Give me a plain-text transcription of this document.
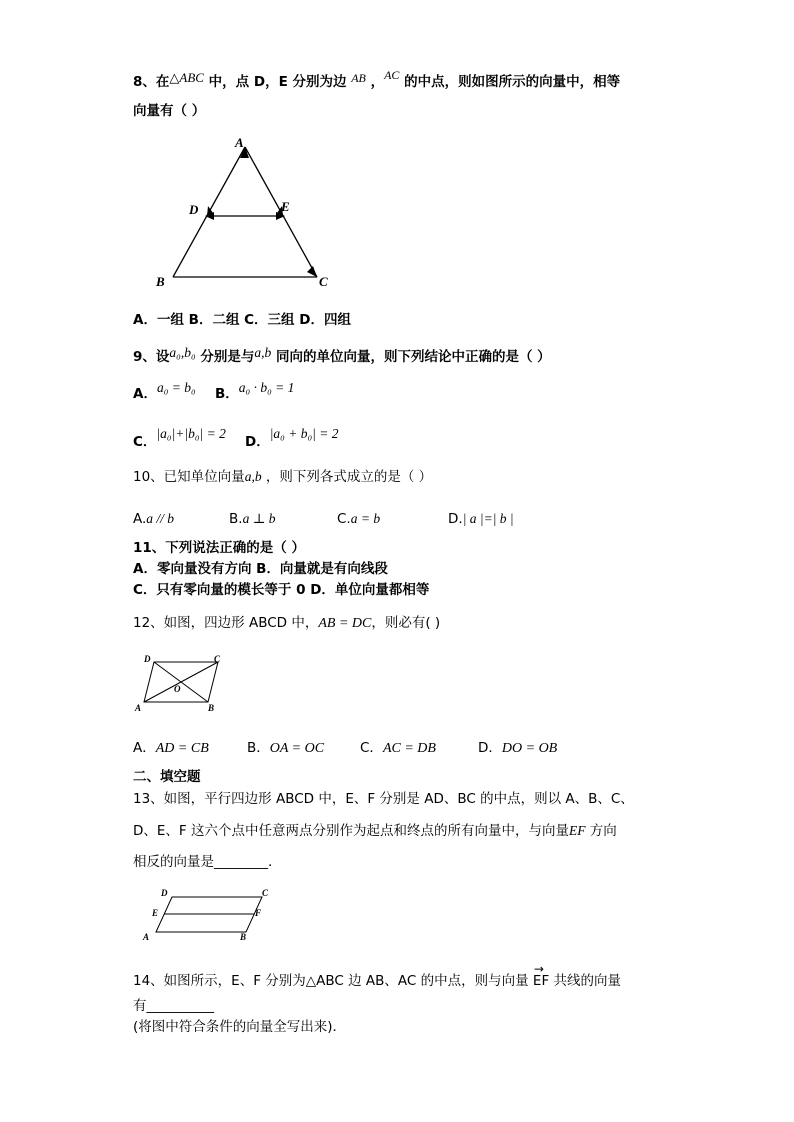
8、在△ABC 中，点 D，E 分别为边 AB ，AC 的中点，则如图所示的向量中，相等
向量有（ ）
A
D	E
B	C
A．一组 B．二组 C．三组 D．四组
9、设a₀,b₀ 分别是与a,b 同向的单位向量，则下列结论中正确的是（ ）
A．a₀ = b₀ B．a₀ · b₀ = 1
C．|a₀|+|b₀| = 2
D．|a₀ + b₀| = 2
10、已知单位向量a,b ，则下列各式成立的是（ ）
A.a // b	B.a ⊥ b	C.a = b	D.| a |=| b |
11、下列说法正确的是（ ）
A．零向量没有方向 B．向量就是有向线段
C．只有零向量的模长等于 0 D．单位向量都相等
12、如图，四边形 ABCD 中，AB = DC，则必有( )
D	C
O
A	B
A．AD = CB	B．OA = OC	C．AC = DB	D．DO = OB
二、填空题
13、如图，平行四边形 ABCD 中，E、F 分别是 AD、BC 的中点，则以 A、B、C、
D、E、F 这六个点中任意两点分别作为起点和终点的所有向量中，与向量EF 方向
相反的向量是________.
D	C
E	F
A	B
14、如图所示，E、F 分别为△ABC 边 AB、AC 的中点，则与向量 → EF 共线的向量
有__________
(将图中符合条件的向量全写出来)．
